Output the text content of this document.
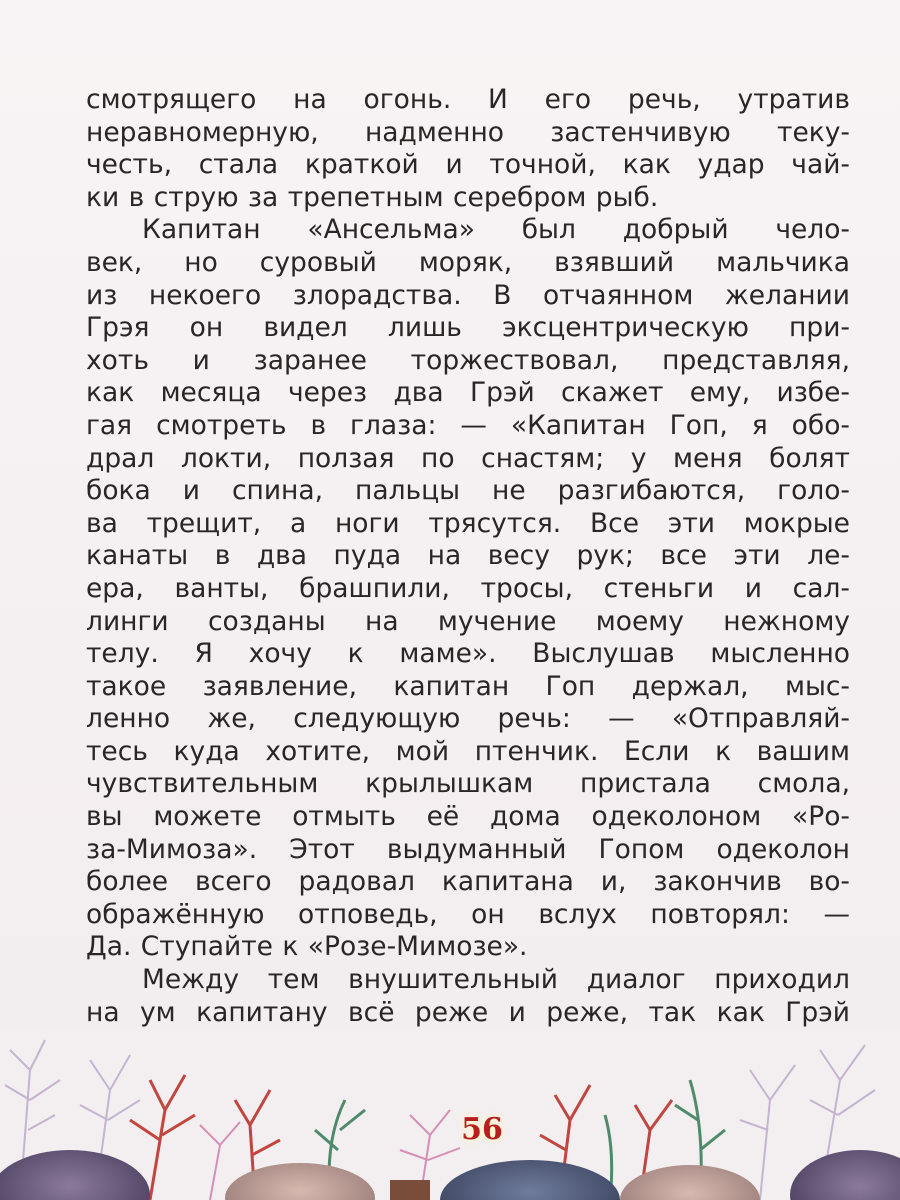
смотрящего на огонь. И его речь, утратив
неравномерную, надменно застенчивую теку-
честь, стала краткой и точной, как удар чай-
ки в струю за трепетным серебром рыб.
Капитан «Ансельма» был добрый чело-
век, но суровый моряк, взявший мальчика
из некоего злорадства. В отчаянном желании
Грэя он видел лишь эксцентрическую при-
хоть и заранее торжествовал, представляя,
как месяца через два Грэй скажет ему, избе-
гая смотреть в глаза: — «Капитан Гоп, я обо-
драл локти, ползая по снастям; у меня болят
бока и спина, пальцы не разгибаются, голо-
ва трещит, а ноги трясутся. Все эти мокрые
канаты в два пуда на весу рук; все эти ле-
ера, ванты, брашпили, тросы, стеньги и сал-
линги созданы на мучение моему нежному
телу. Я хочу к маме». Выслушав мысленно
такое заявление, капитан Гоп держал, мыс-
ленно же, следующую речь: — «Отправляй-
тесь куда хотите, мой птенчик. Если к вашим
чувствительным крылышкам пристала смола,
вы можете отмыть её дома одеколоном «Ро-
за-Мимоза». Этот выдуманный Гопом одеколон
более всего радовал капитана и, закончив во-
ображённую отповедь, он вслух повторял: —
Да. Ступайте к «Розе-Мимозе».
Между тем внушительный диалог приходил
на ум капитану всё реже и реже, так как Грэй
56
